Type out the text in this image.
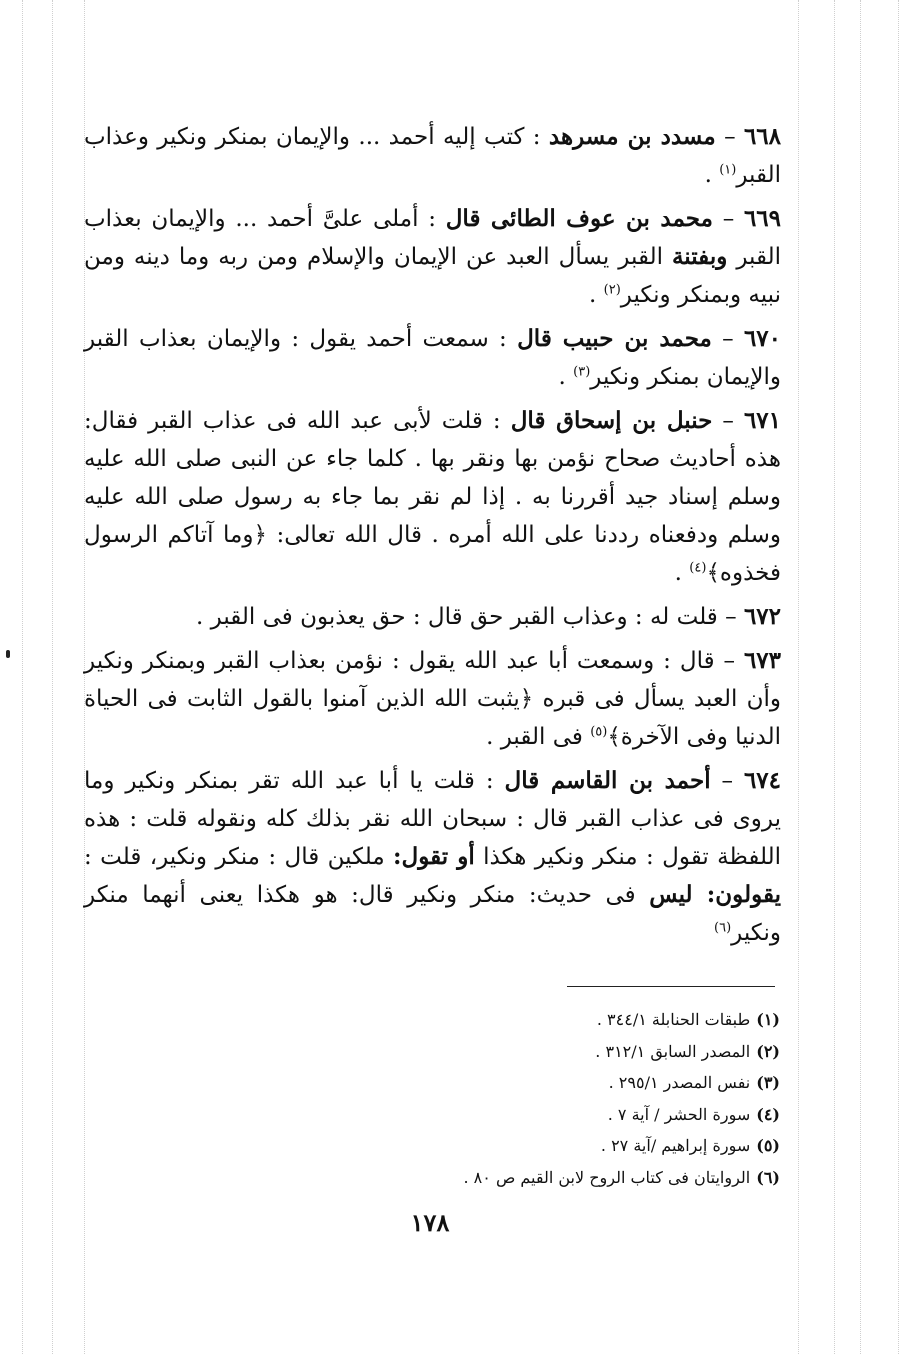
٦٦٨ – مسدد بن مسرهد : كتب إليه أحمد ... والإيمان بمنكر ونكير وعذاب القبر$^{(١)}$ .

٦٦٩ – محمد بن عوف الطائى قال : أملى علىَّ أحمد ... والإيمان بعذاب القبر وبفتنة القبر يسأل العبد عن الإيمان والإسلام ومن ربه وما دينه ومن نبيه وبمنكر ونكير$^{(٢)}$ .

٦٧٠ – محمد بن حبيب قال : سمعت أحمد يقول : والإيمان بعذاب القبر والإيمان بمنكر ونكير$^{(٣)}$ .

٦٧١ – حنبل بن إسحاق قال : قلت لأبى عبد الله فى عذاب القبر فقال: هذه أحاديث صحاح نؤمن بها ونقر بها . كلما جاء عن النبى صلى الله عليه وسلم إسناد جيد أقررنا به . إذا لم نقر بما جاء به رسول صلى الله عليه وسلم ودفعناه رددنا على الله أمره . قال الله تعالى: ﴿وما آتاكم الرسول فخذوه﴾$^{(٤)}$ .

٦٧٢ – قلت له : وعذاب القبر حق قال : حق يعذبون فى القبر .

٦٧٣ – قال : وسمعت أبا عبد الله يقول : نؤمن بعذاب القبر وبمنكر ونكير وأن العبد يسأل فى قبره ﴿يثبت الله الذين آمنوا بالقول الثابت فى الحياة الدنيا وفى الآخرة﴾$^{(٥)}$ فى القبر .

٦٧٤ – أحمد بن القاسم قال : قلت يا أبا عبد الله تقر بمنكر ونكير وما يروى فى عذاب القبر قال : سبحان الله نقر بذلك كله ونقوله قلت : هذه اللفظة تقول : منكر ونكير هكذا أو تقول: ملكين قال : منكر ونكير، قلت : يقولون: ليس فى حديث: منكر ونكير قال: هو هكذا يعنى أنهما منكر ونكير$^{(٦)}$

(١)طبقات الحنابلة ٣٤٤/١ .
(٢)المصدر السابق ٣١٢/١ .
(٣)نفس المصدر ٢٩٥/١ .
(٤)سورة الحشر / آية ٧ .
(٥)سورة إبراهيم /آية ٢٧ .
(٦)الروايتان فى كتاب الروح لابن القيم ص ٨٠ .
١٧٨
